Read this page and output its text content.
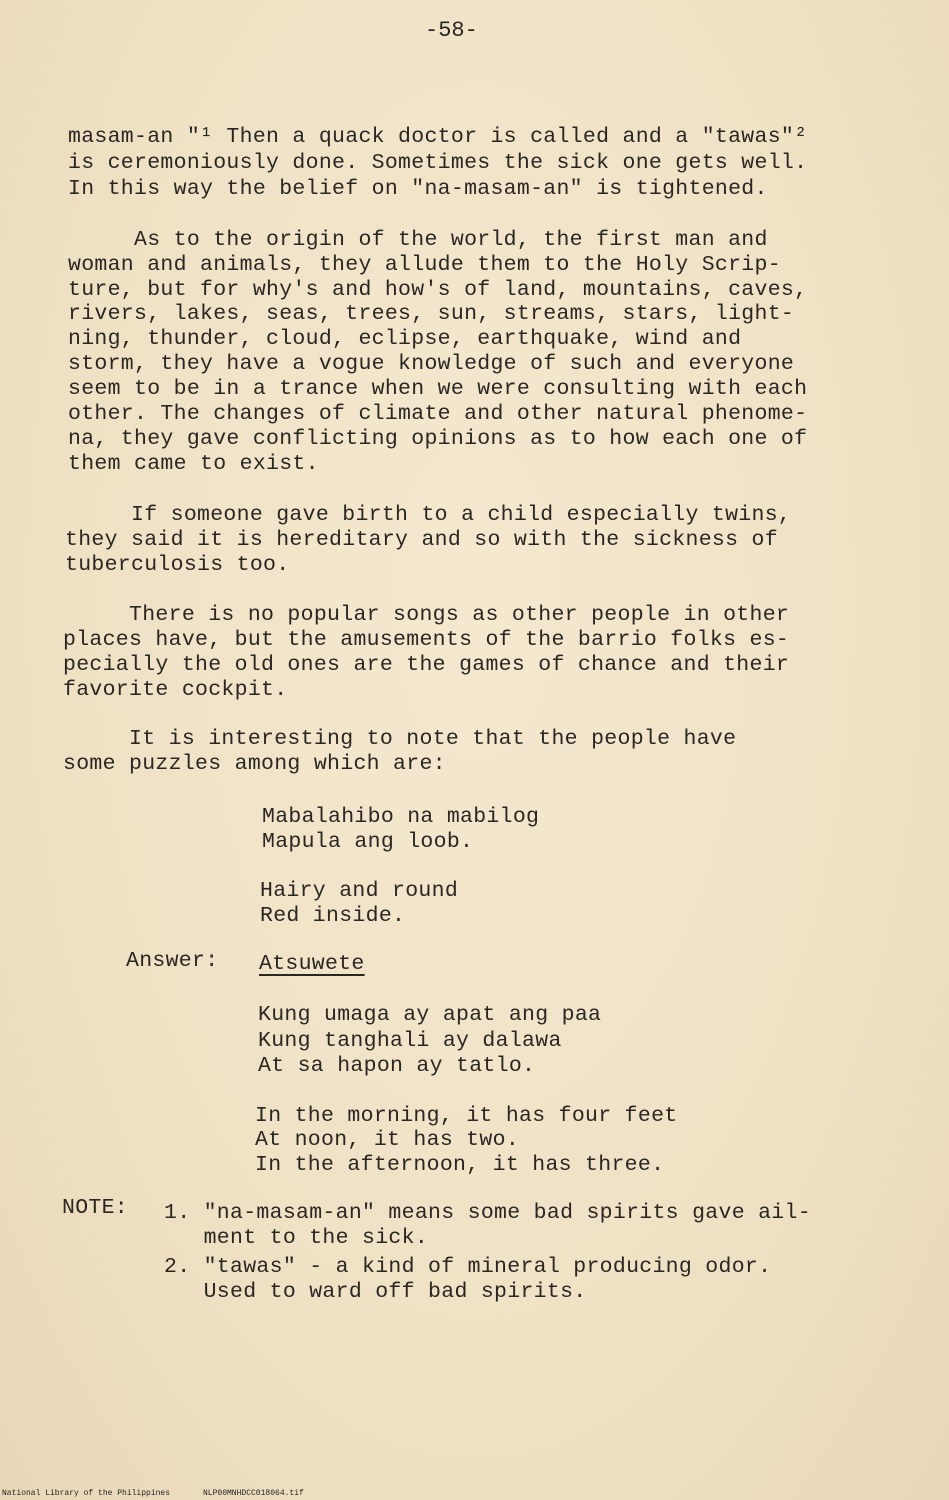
-58-
masam-an "¹ Then a quack doctor is called and a "tawas"²
is ceremoniously done. Sometimes the sick one gets well.
In this way the belief on "na-masam-an" is tightened.
As to the origin of the world, the first man and
woman and animals, they allude them to the Holy Scrip-
ture, but for why's and how's of land, mountains, caves,
rivers, lakes, seas, trees, sun, streams, stars, light-
ning, thunder, cloud, eclipse, earthquake, wind and
storm, they have a vogue knowledge of such and everyone
seem to be in a trance when we were consulting with each
other. The changes of climate and other natural phenome-
na, they gave conflicting opinions as to how each one of
them came to exist.
If someone gave birth to a child especially twins,
they said it is hereditary and so with the sickness of
tuberculosis too.
There is no popular songs as other people in other
places have, but the amusements of the barrio folks es-
pecially the old ones are the games of chance and their
favorite cockpit.
It is interesting to note that the people have
some puzzles among which are:
Mabalahibo na mabilog
Mapula ang loob.
Hairy and round
Red inside.
Answer: Atsuwete
Kung umaga ay apat ang paa
Kung tanghali ay dalawa
At sa hapon ay tatlo.
In the morning, it has four feet
At noon, it has two.
In the afternoon, it has three.
NOTE: 1. "na-masam-an" means some bad spirits gave ail-
ment to the sick.
2. "tawas" - a kind of mineral producing odor.
Used to ward off bad spirits.
National Library of the Philippines	NLP00MNHDCC018064.tif
